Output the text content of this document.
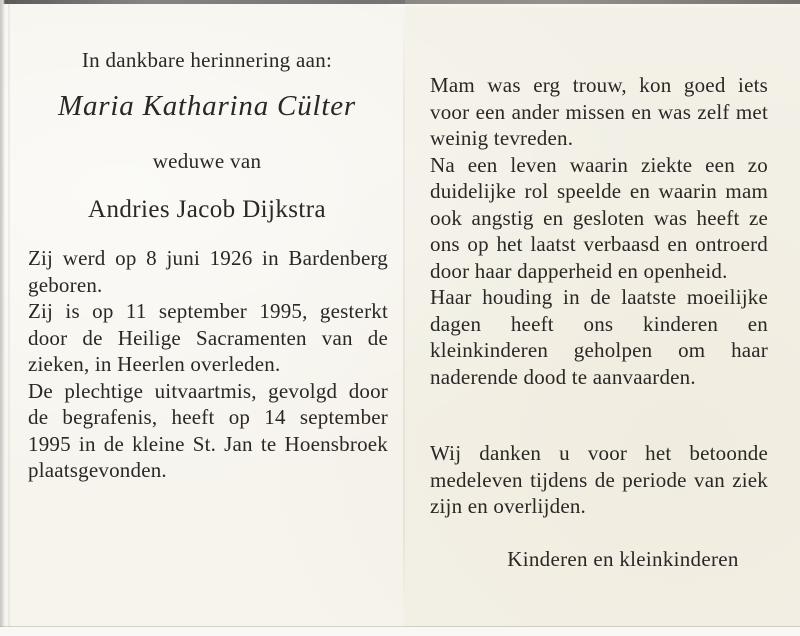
In dankbare herinnering aan:
Maria Katharina Cülter
weduwe van
Andries Jacob Dijkstra

Zij werd op 8 juni 1926 in Bardenberg geboren.

Zij is op 11 september 1995, gesterkt door de Heilige Sacramenten van de zieken, in Heerlen overleden.

De plechtige uitvaartmis, gevolgd door de begrafenis, heeft op 14 september 1995 in de kleine St. Jan te Hoensbroek plaatsgevonden.

Mam was erg trouw, kon goed iets voor een ander missen en was zelf met weinig tevreden.

Na een leven waarin ziekte een zo duidelijke rol speelde en waarin mam ook angstig en gesloten was heeft ze ons op het laatst verbaasd en ontroerd door haar dapperheid en openheid.

Haar houding in de laatste moeilijke dagen heeft ons kinderen en kleinkinderen geholpen om haar naderende dood te aanvaarden.

Wij danken u voor het betoonde medeleven tijdens de periode van ziek zijn en overlijden.

Kinderen en kleinkinderen
